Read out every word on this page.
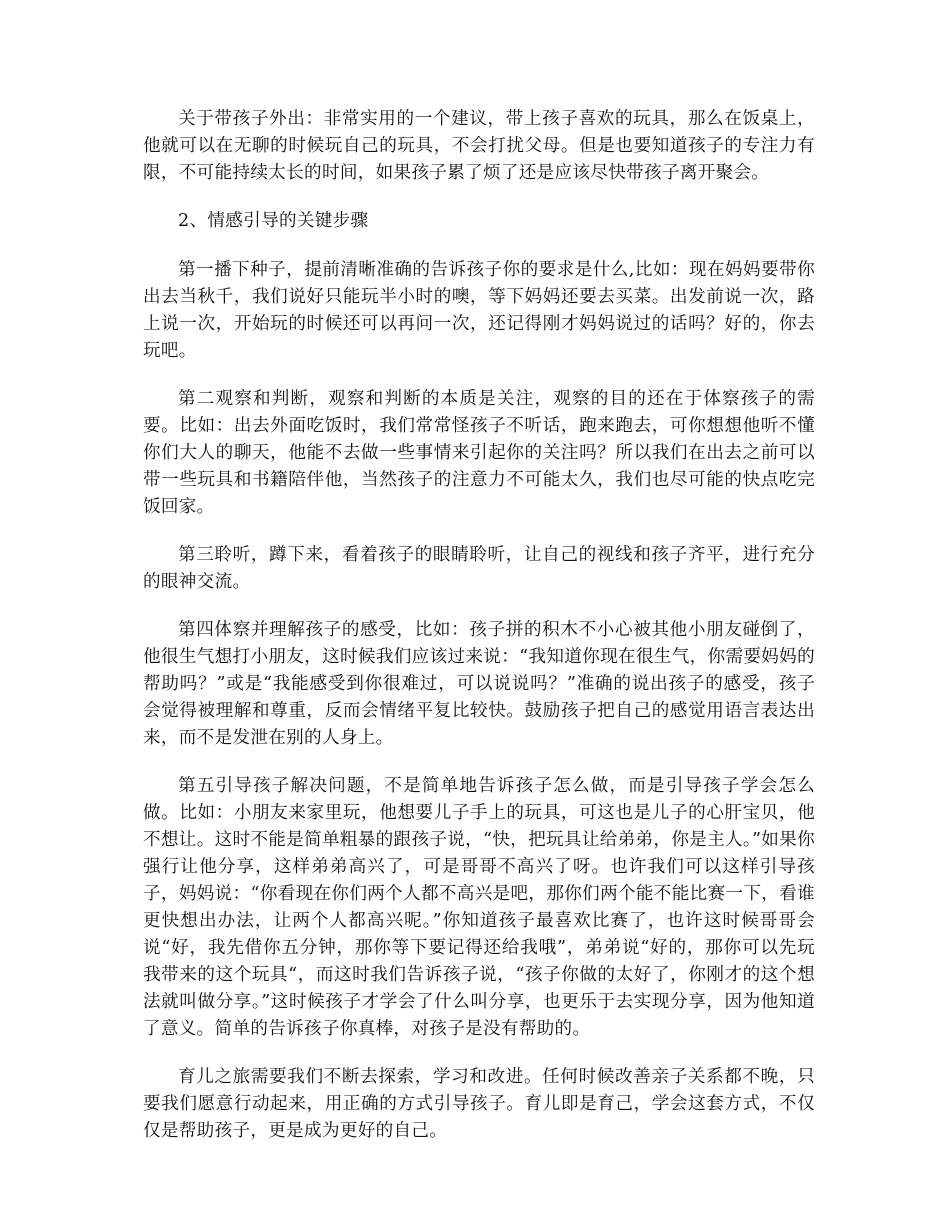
关于带孩子外出：非常实用的一个建议，带上孩子喜欢的玩具，那么在饭桌上，他就可以在无聊的时候玩自己的玩具，不会打扰父母。但是也要知道孩子的专注力有限，不可能持续太长的时间，如果孩子累了烦了还是应该尽快带孩子离开聚会。

2、情感引导的关键步骤

第一播下种子，提前清晰准确的告诉孩子你的要求是什么,比如：现在妈妈要带你出去当秋千，我们说好只能玩半小时的噢，等下妈妈还要去买菜。出发前说一次，路上说一次，开始玩的时候还可以再问一次，还记得刚才妈妈说过的话吗？好的，你去玩吧。

第二观察和判断，观察和判断的本质是关注，观察的目的还在于体察孩子的需要。比如：出去外面吃饭时，我们常常怪孩子不听话，跑来跑去，可你想想他听不懂你们大人的聊天，他能不去做一些事情来引起你的关注吗？所以我们在出去之前可以带一些玩具和书籍陪伴他，当然孩子的注意力不可能太久，我们也尽可能的快点吃完饭回家。

第三聆听，蹲下来，看着孩子的眼睛聆听，让自己的视线和孩子齐平，进行充分的眼神交流。

第四体察并理解孩子的感受，比如：孩子拼的积木不小心被其他小朋友碰倒了，他很生气想打小朋友，这时候我们应该过来说：“我知道你现在很生气，你需要妈妈的帮助吗？”或是“我能感受到你很难过，可以说说吗？”准确的说出孩子的感受，孩子会觉得被理解和尊重，反而会情绪平复比较快。鼓励孩子把自己的感觉用语言表达出来，而不是发泄在别的人身上。

第五引导孩子解决问题，不是简单地告诉孩子怎么做，而是引导孩子学会怎么做。比如：小朋友来家里玩，他想要儿子手上的玩具，可这也是儿子的心肝宝贝，他不想让。这时不能是简单粗暴的跟孩子说，“快，把玩具让给弟弟，你是主人。”如果你强行让他分享，这样弟弟高兴了，可是哥哥不高兴了呀。也许我们可以这样引导孩子，妈妈说：“你看现在你们两个人都不高兴是吧，那你们两个能不能比赛一下，看谁更快想出办法，让两个人都高兴呢。”你知道孩子最喜欢比赛了，也许这时候哥哥会说“好，我先借你五分钟，那你等下要记得还给我哦”，弟弟说“好的，那你可以先玩我带来的这个玩具“，而这时我们告诉孩子说，“孩子你做的太好了，你刚才的这个想法就叫做分享。”这时候孩子才学会了什么叫分享，也更乐于去实现分享，因为他知道了意义。简单的告诉孩子你真棒，对孩子是没有帮助的。

育儿之旅需要我们不断去探索，学习和改进。任何时候改善亲子关系都不晚，只要我们愿意行动起来，用正确的方式引导孩子。育儿即是育己，学会这套方式，不仅仅是帮助孩子，更是成为更好的自己。
